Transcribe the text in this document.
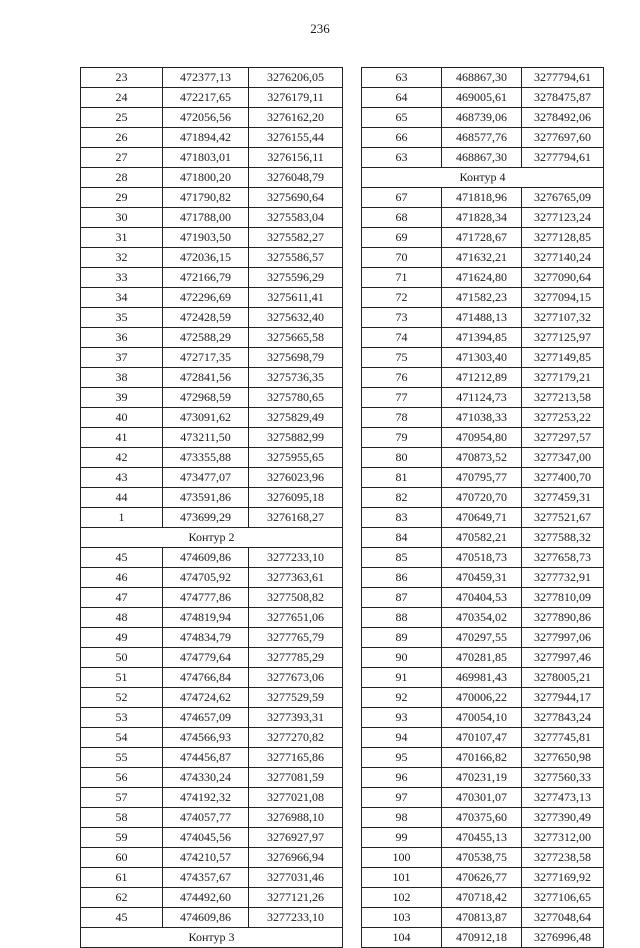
236
23	472377,13	3276206,05
24	472217,65	3276179,11
25	472056,56	3276162,20
26	471894,42	3276155,44
27	471803,01	3276156,11
28	471800,20	3276048,79
29	471790,82	3275690,64
30	471788,00	3275583,04
31	471903,50	3275582,27
32	472036,15	3275586,57
33	472166,79	3275596,29
34	472296,69	3275611,41
35	472428,59	3275632,40
36	472588,29	3275665,58
37	472717,35	3275698,79
38	472841,56	3275736,35
39	472968,59	3275780,65
40	473091,62	3275829,49
41	473211,50	3275882,99
42	473355,88	3275955,65
43	473477,07	3276023,96
44	473591,86	3276095,18
1	473699,29	3276168,27
Контур 2		
45	474609,86	3277233,10
46	474705,92	3277363,61
47	474777,86	3277508,82
48	474819,94	3277651,06
49	474834,79	3277765,79
50	474779,64	3277785,29
51	474766,84	3277673,06
52	474724,62	3277529,59
53	474657,09	3277393,31
54	474566,93	3277270,82
55	474456,87	3277165,86
56	474330,24	3277081,59
57	474192,32	3277021,08
58	474057,77	3276988,10
59	474045,56	3276927,97
60	474210,57	3276966,94
61	474357,67	3277031,46
62	474492,60	3277121,26
45	474609,86	3277233,10
Контур 3		
63	468867,30	3277794,61
64	469005,61	3278475,87
65	468739,06	3278492,06
66	468577,76	3277697,60
63	468867,30	3277794,61
Контур 4		
67	471818,96	3276765,09
68	471828,34	3277123,24
69	471728,67	3277128,85
70	471632,21	3277140,24
71	471624,80	3277090,64
72	471582,23	3277094,15
73	471488,13	3277107,32
74	471394,85	3277125,97
75	471303,40	3277149,85
76	471212,89	3277179,21
77	471124,73	3277213,58
78	471038,33	3277253,22
79	470954,80	3277297,57
80	470873,52	3277347,00
81	470795,77	3277400,70
82	470720,70	3277459,31
83	470649,71	3277521,67
84	470582,21	3277588,32
85	470518,73	3277658,73
86	470459,31	3277732,91
87	470404,53	3277810,09
88	470354,02	3277890,86
89	470297,55	3277997,06
90	470281,85	3277997,46
91	469981,43	3278005,21
92	470006,22	3277944,17
93	470054,10	3277843,24
94	470107,47	3277745,81
95	470166,82	3277650,98
96	470231,19	3277560,33
97	470301,07	3277473,13
98	470375,60	3277390,49
99	470455,13	3277312,00
100	470538,75	3277238,58
101	470626,77	3277169,92
102	470718,42	3277106,65
103	470813,87	3277048,64
104	470912,18	3276996,48
